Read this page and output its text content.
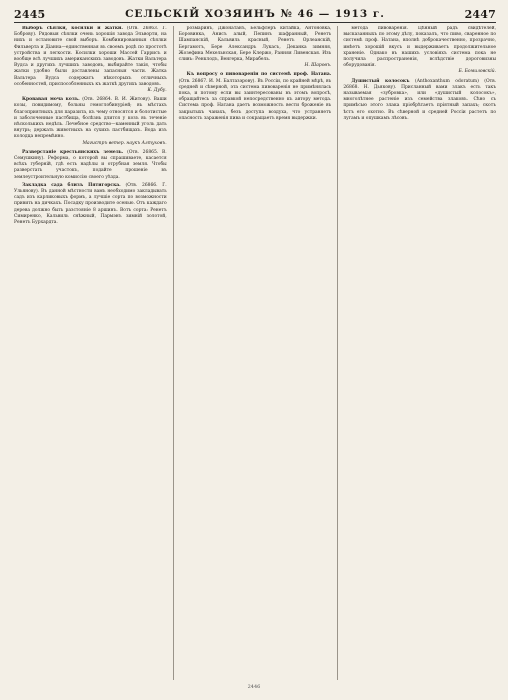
2445	СЕЛЬСКІЙ ХОЗЯИНЪ № 46 — 1913 г.	2447

Выборъ сѣялки, косилки и жатки. (Отв. 26863. Г. Боброву). Рядовыя сѣялки очень хорошія завода Эльворти, на нихъ и остановите свой выборъ. Комбинированныя сѣялки Фильверта и Діанна—единственная въ своемъ родѣ по простотѣ устройства и легкости. Косилки хороши Массей Гаррисъ и вообще всѣ лучшихъ американскихъ заводовъ. Жатки Вальтера Вудса и другихъ лучшихъ заводовъ, выбирайте такія, чтобы жатки удобно были доставлены запасныя части. Жатка Вальтера Вудса содержатъ нѣкоторыхъ отличныхъ особенностей, приспособленныхъ къ жаткѣ другихъ заводовъ.

К. Дубу.

Кровавая моча козъ. (Отв. 26864. В. И. Житову). Ваши козы, повидимому, больны гемоглобинуріей; въ мѣстахъ благоприятныхъ для паразита, къ чему относятся и болотистые и заболоченные пастбища, болѣзнь длится у козъ въ теченіе нѣсколькихъ недѣль. Лечебное средство—каменный уголь дать внутрь; держать животныхъ на сухихъ пастбищахъ. Вода изъ колодца непремѣнно.

Магистръ ветер. наукъ Алтуховъ.

Разверстаніе крестьянскихъ земель. (Отв. 26865. В. Семушкину). Реформа, о которой вы спрашиваете, касается всѣхъ губерній, гдѣ есть надѣлы и отрубная земля. Чтобы разверстать участокъ, подайте прошеніе въ землеустроительную комиссію своего уѣзда.

Закладка сада близъ Пятигорска. (Отв. 26866. Г. Ульянову). Въ данной мѣстности вамъ необходимо закладывать садъ изъ карликовыхъ формъ, а лучшіе сорта по возможности привить на дичкахъ. Посадку производите осенью. Отъ каждаго дерева должно быть разстояніе 8 аршинъ. Вотъ сорта: Ренетъ Симиренко, Кальвиль снѣжный, Пармэнъ зимній золотой, Ренетъ Бурхардта.

розмаринъ, Джонатанъ, Бельфлеръ китайка, Антоновка, Боровинка, Анисъ алый, Пепинъ шафранный, Ренетъ Шампанскій, Кальвиль красный, Ренетъ Орлеанскій, Бергамотъ, Бере Александръ Лукасъ, Деканка зимняя, Жозефина Мехельнская, Бере Клержо, Ранняя Ливенская. Изъ сливъ: Ренклодъ, Венгерка, Мирабель.

Н. Шаровъ.

Къ вопросу о пивовареніи по системѣ проф. Натана. (Отв. 26867. И. М. Балтазэрову). Въ Россіи, по крайней мѣрѣ, въ средней и сѣверной, эта система пивоваренія не примѣнялась пока, и потому если вы заинтересованы въ этомъ вопросѣ, обращайтесь за справкой непосредственно къ автору метода. Система проф. Натана даетъ возможность вести броженіе въ закрытыхъ чанахъ, безъ доступа воздуха, что устраняетъ опасность зараженія пива и сокращаетъ время выдержки.

метода пивоваренія. Цѣнный радъ свидѣтелей, высказанныхъ по этому дѣлу, показалъ, что пиво, сваренное по системѣ проф. Натана, вполнѣ доброкачественно, прозрачно, имѣетъ хорошій вкусъ и выдерживаетъ продолжительное храненіе. Однако въ нашихъ условіяхъ система пока не получила распространенія, вслѣдствіе дороговизны оборудованія.

Б. Бомиловскій.

Душистый колосокъ (Anthoxanthum odoratum) (Отв. 26868. Н. Дьякову). Присланный вами злакъ есть такъ называемая «зубровка», или «душистый колосокъ», многолѣтнее растеніе изъ семейства злаковъ. Сѣно съ примѣсью этого злака пріобрѣтаетъ пріятный запахъ; скотъ ѣстъ его охотно. Въ сѣверной и средней Россіи растетъ по лугамъ и опушкамъ лѣсовъ.

2446
